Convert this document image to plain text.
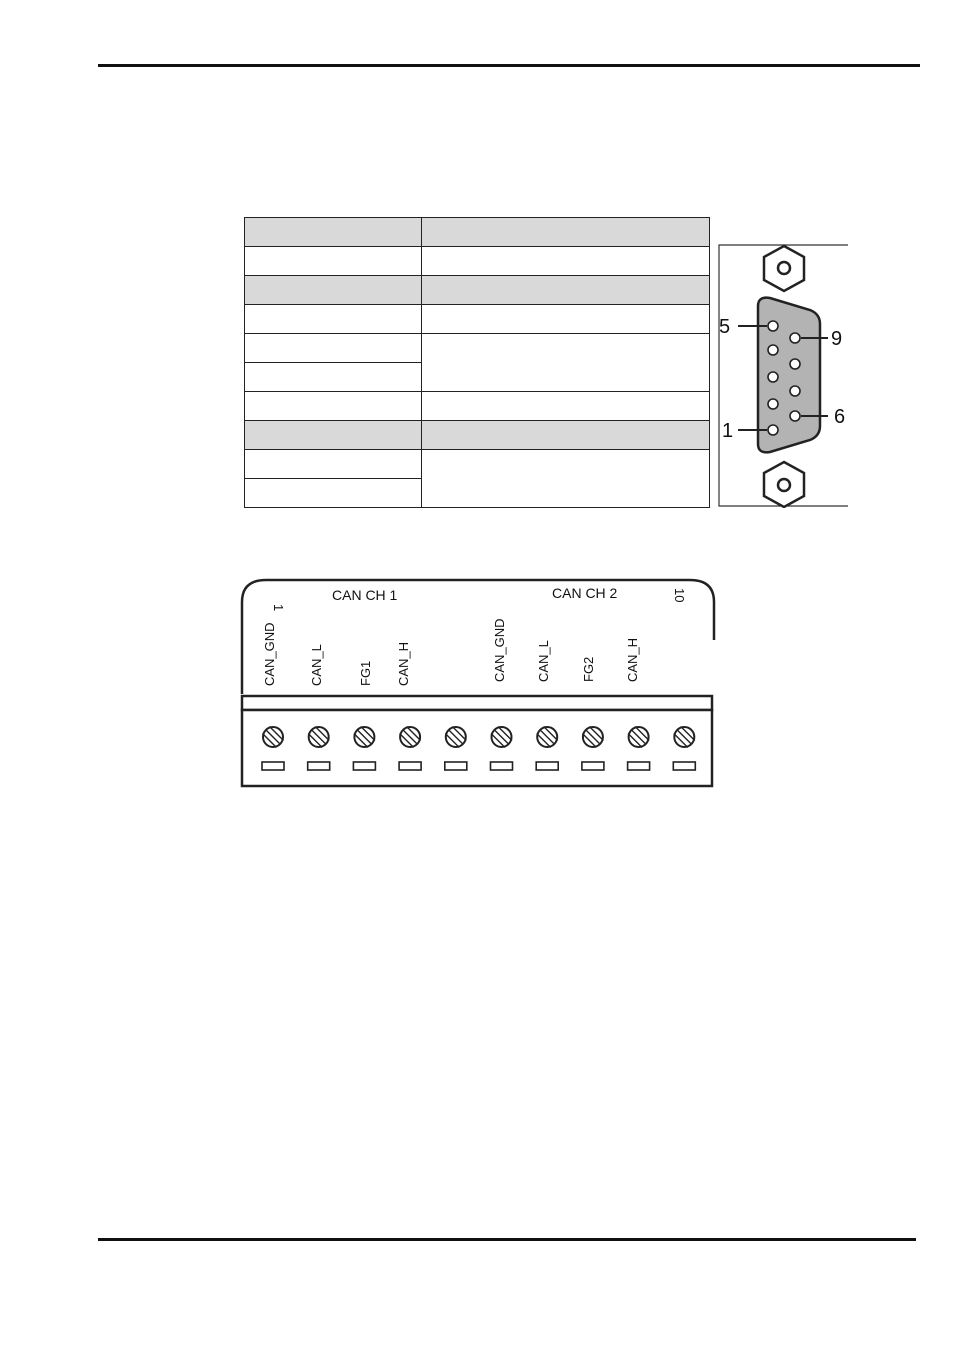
5
9
1
6
CAN CH 1	CAN CH 2
CAN_GND
1
CAN_L	FG1 CAN_H	CAN_GND CAN_L FG2 CAN_H
10
